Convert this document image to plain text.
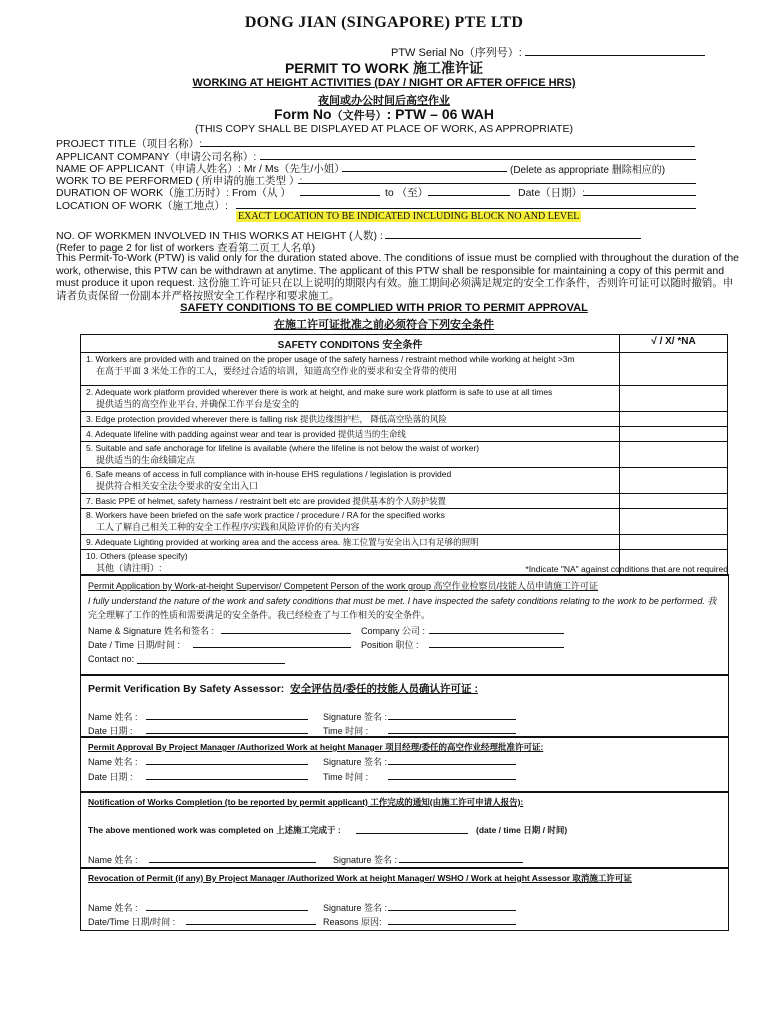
DONG JIAN (SINGAPORE) PTE LTD
PTW Serial No（序列号）:
PERMIT TO WORK 施工准许证
WORKING AT HEIGHT ACTIVITIES (DAY / NIGHT OR AFTER OFFICE HRS)
夜间或办公时间后高空作业
Form No（文件号）: PTW – 06 WAH
(THIS COPY SHALL BE DISPLAYED AT PLACE OF WORK, AS APPROPRIATE)
PROJECT TITLE（项目名称）:
APPLICANT COMPANY（申请公司名称）:
NAME OF APPLICANT（申请人姓名）: Mr / Ms（先生/小姐）	(Delete as appropriate 删除相应的)
WORK TO BE PERFORMED ( 所申请的施工类型 ）:
DURATION OF WORK（施工历时）: From（从 ）	to （至）	Date（日期）:
LOCATION OF WORK（施工地点）:
EXACT LOCATION TO BE INDICATED INCLUDING BLOCK NO AND LEVEL
NO. OF WORKMEN INVOLVED IN THIS WORKS AT HEIGHT (人数) :
(Refer to page 2 for list of workers 查看第二页工人名单)
This Permit-To-Work (PTW) is valid only for the duration stated above. The conditions of issue must be complied with throughout the duration of the work, otherwise, this PTW can be withdrawn at anytime. The applicant of this PTW shall be responsible for maintaining a copy of this permit and must produce it upon request. 这份施工许可证只在以上说明的期限内有效。施工期间必须满足规定的安全工作条件，否则许可证可以随时撤销。申请者负责保留一份副本并严格按照安全工作程序和要求施工。
SAFETY CONDITIONS TO BE COMPLIED WITH PRIOR TO PERMIT APPROVAL
在施工许可证批准之前必须符合下列安全条件
SAFETY CONDITONS 安全条件	√ / X/ *NA
1. Workers are provided with and trained on the proper usage of the safety harness / restraint method while working at height >3m
在高于平面 3 米处工作的工人，要经过合适的培训，知道高空作业的要求和安全背带的使用	

2. Adequate work platform provided wherever there is work at height, and make sure work platform is safe to use at all times
提供适当的高空作业平台, 并确保工作平台是安全的	

3. Edge protection provided wherever there is falling risk 提供边缘围护栏， 降低高空坠落的风险	
4. Adequate lifeline with padding against wear and tear is provided 提供适当的生命线	
5. Suitable and safe anchorage for lifeline is available (where the lifeline is not below the waist of worker)
提供适当的生命线锚定点	

6. Safe means of access in full compliance with in-house EHS regulations / legislation is provided
提供符合相关安全法令要求的安全出入口	

7. Basic PPE of helmet, safety harness / restraint belt etc are provided 提供基本的个人防护装置	
8. Workers have been briefed on the safe work practice / procedure / RA for the specified works
工人了解自己相关工种的安全工作程序/实践和风险评价的有关内容	

9. Adequate Lighting provided at working area and the access area. 施工位置与安全出入口有足够的照明	
10. Others (please specify)
其他（请注明）:	
		*Indicate "NA" against conditions that are not required
Permit Application by Work-at-height Supervisor/ Competent Person of the work group 高空作业检察员/技能人员申请施工许可证
I fully understand the nature of the work and safety conditions that must be met. I have inspected the safety conditions relating to the work to be performed. 我
完全理解了工作的性质和需要满足的安全条件。我已经检查了与工作相关的安全条件。
Name & Signature 姓名和签名 :	Company 公司 :
Date / Time 日期/时间 :	Position 职位 :
Contact no:
Permit Verification By Safety Assessor: 安全评估员/委任的技能人员确认许可证 :
Name 姓名 :	Signature 签名 :
Date 日期 :	Time 时间 :
Permit Approval By Project Manager /Authorized Work at height Manager 项目经理/委任的高空作业经理批准许可证:
Name 姓名 :	Signature 签名 :
Date 日期 :	Time 时间 :
Notification of Works Completion (to be reported by permit applicant) 工作完成的通知(由施工许可申请人报告):
The above mentioned work was completed on 上述施工完成于 :	(date / time 日期 / 时间)
Name 姓名 :	Signature 签名 :
Revocation of Permit (if any) By Project Manager /Authorized Work at height Manager/ WSHO / Work at height Assessor 取消施工许可证
Name 姓名 :	Signature 签名 :
Date/Time 日期/时间 :	Reasons 原因:
